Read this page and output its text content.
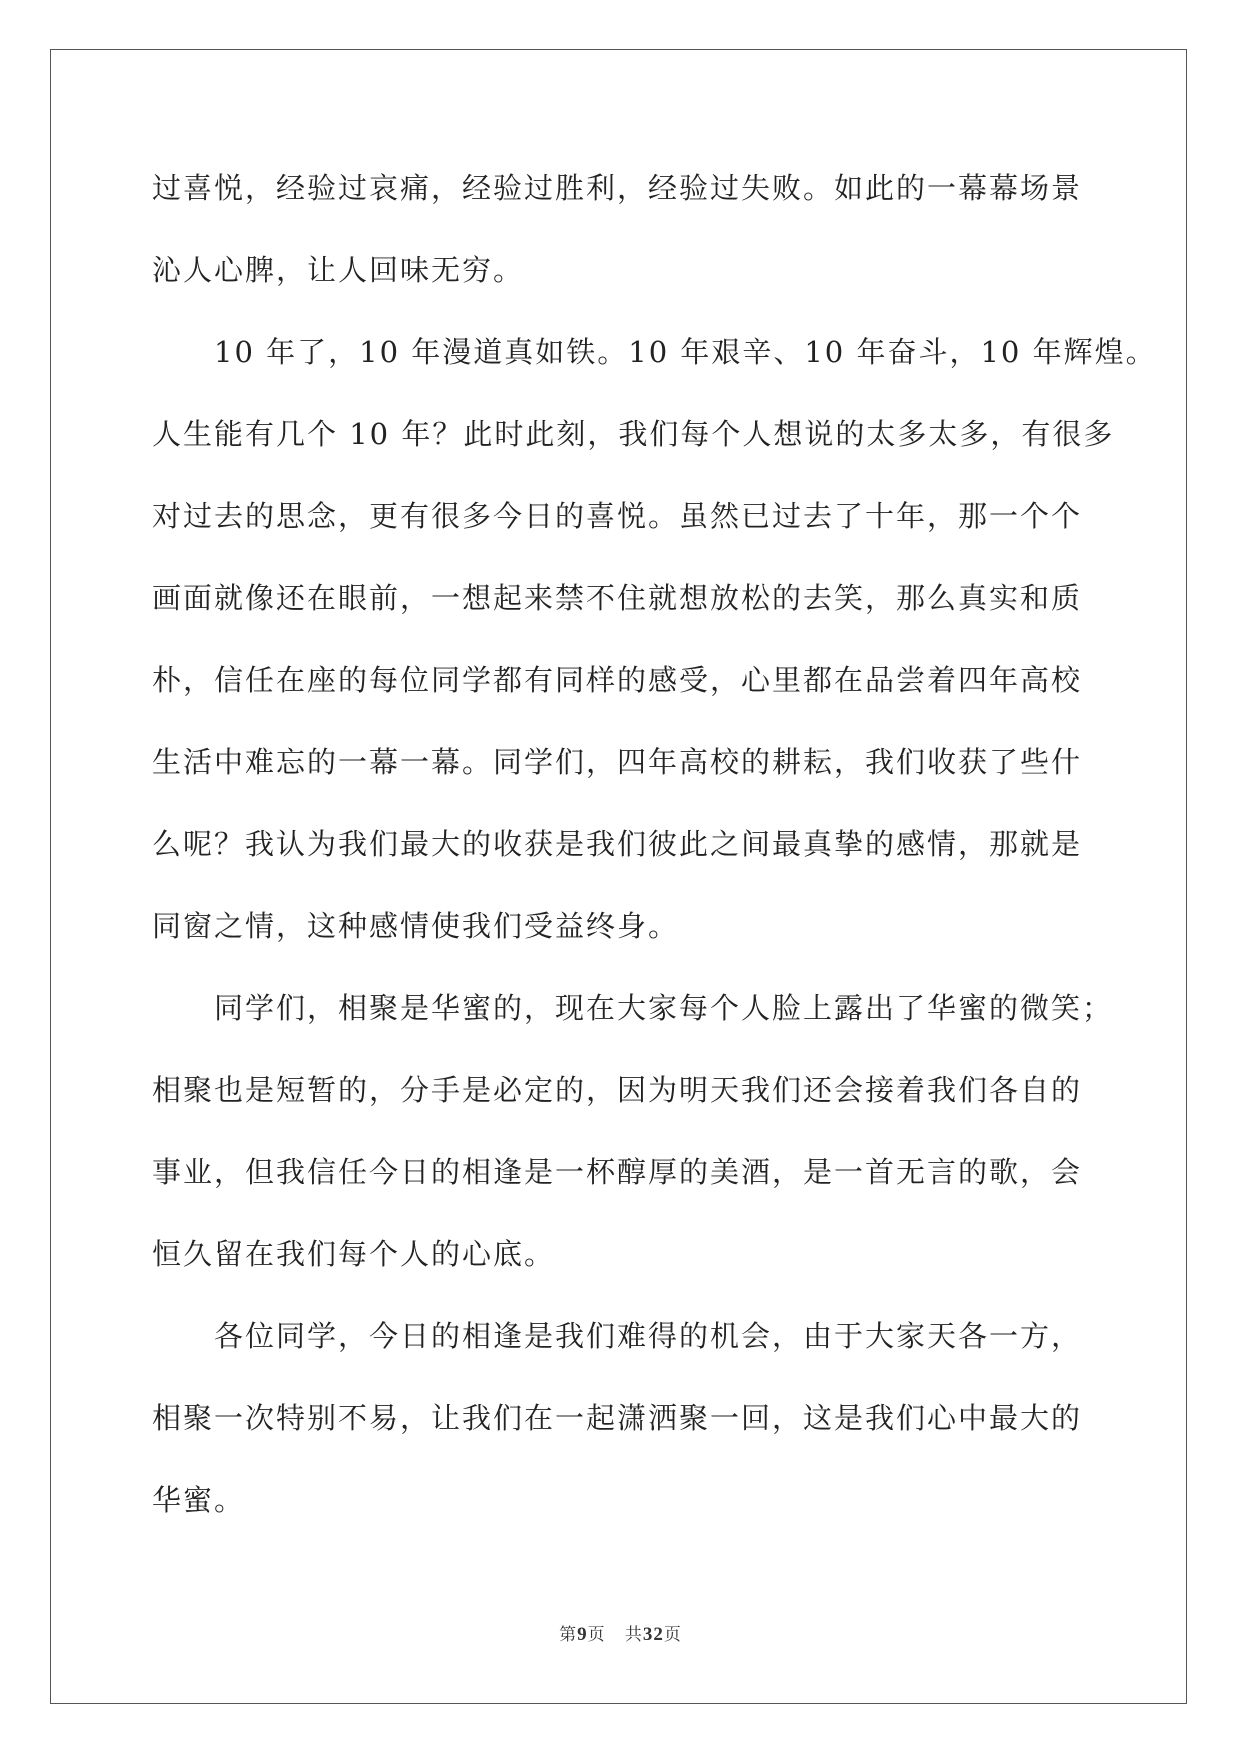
过喜悦，经验过哀痛，经验过胜利，经验过失败。如此的一幕幕场景
沁人心脾，让人回味无穷。
10 年了，10 年漫道真如铁。10 年艰辛、10 年奋斗，10 年辉煌。
人生能有几个 10 年？此时此刻，我们每个人想说的太多太多，有很多
对过去的思念，更有很多今日的喜悦。虽然已过去了十年，那一个个
画面就像还在眼前，一想起来禁不住就想放松的去笑，那么真实和质
朴，信任在座的每位同学都有同样的感受，心里都在品尝着四年高校
生活中难忘的一幕一幕。同学们，四年高校的耕耘，我们收获了些什
么呢？我认为我们最大的收获是我们彼此之间最真挚的感情，那就是
同窗之情，这种感情使我们受益终身。
同学们，相聚是华蜜的，现在大家每个人脸上露出了华蜜的微笑；
相聚也是短暂的，分手是必定的，因为明天我们还会接着我们各自的
事业，但我信任今日的相逢是一杯醇厚的美酒，是一首无言的歌，会
恒久留在我们每个人的心底。
各位同学，今日的相逢是我们难得的机会，由于大家天各一方，
相聚一次特别不易，让我们在一起潇洒聚一回，这是我们心中最大的
华蜜。
第9页 共32页
